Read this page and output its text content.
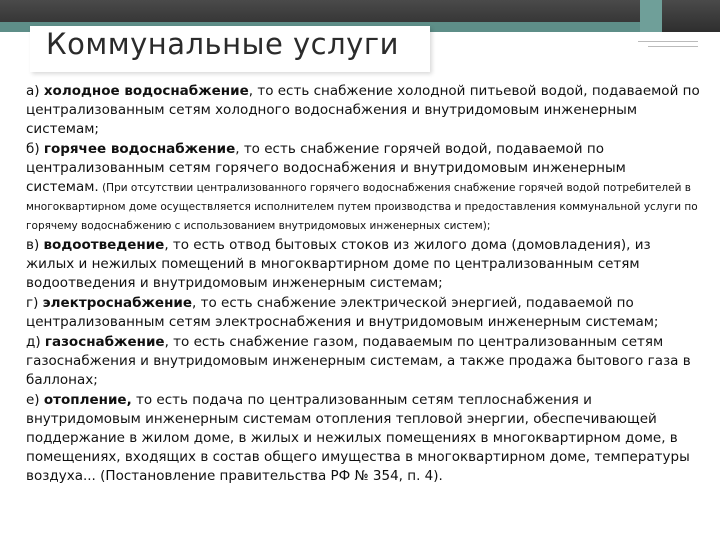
Коммунальные услуги

а) холодное водоснабжение, то есть снабжение холодной питьевой водой, подаваемой по централизованным сетям холодного водоснабжения и внутридомовым инженерным системам;

б) горячее водоснабжение, то есть снабжение горячей водой, подаваемой по централизованным сетям горячего водоснабжения и внутридомовым инженерным системам. (При отсутствии централизованного горячего водоснабжения снабжение горячей водой потребителей в многоквартирном доме осуществляется исполнителем путем производства и предоставления коммунальной услуги по горячему водоснабжению с использованием внутридомовых инженерных систем);

в) водоотведение, то есть отвод бытовых стоков из жилого дома (домовладения), из жилых и нежилых помещений в многоквартирном доме по централизованным сетям водоотведения и внутридомовым инженерным системам;

г) электроснабжение, то есть снабжение электрической энергией, подаваемой по централизованным сетям электроснабжения и внутридомовым инженерным системам;

д) газоснабжение, то есть снабжение газом, подаваемым по централизованным сетям газоснабжения и внутридомовым инженерным системам, а также продажа бытового газа в баллонах;

е) отопление, то есть подача по централизованным сетям теплоснабжения и внутридомовым инженерным системам отопления тепловой энергии, обеспечивающей поддержание в жилом доме, в жилых и нежилых помещениях в многоквартирном доме, в помещениях, входящих в состав общего имущества в многоквартирном доме, температуры воздуха... (Постановление правительства РФ № 354, п. 4).
